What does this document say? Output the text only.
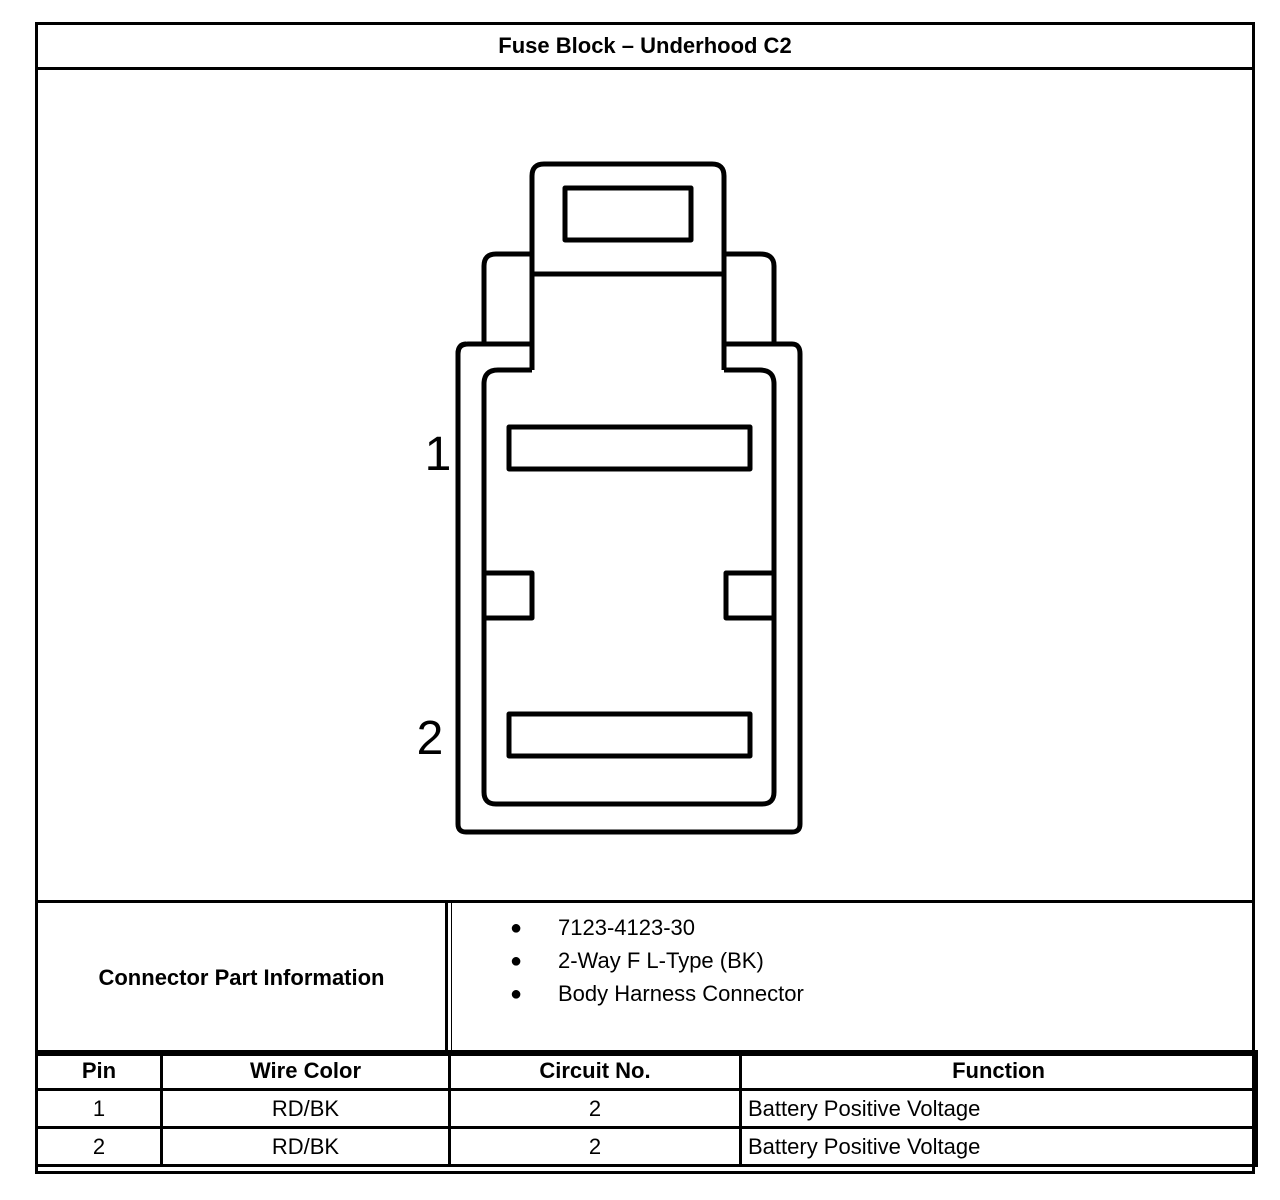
Fuse Block – Underhood C2
1
2
Connector Part Information
● 7123-4123-30
● 2-Way F L-Type (BK)
● Body Harness Connector
Pin	Wire Color	Circuit No.	Function
1	RD/BK	2	Battery Positive Voltage
2	RD/BK	2	Battery Positive Voltage
